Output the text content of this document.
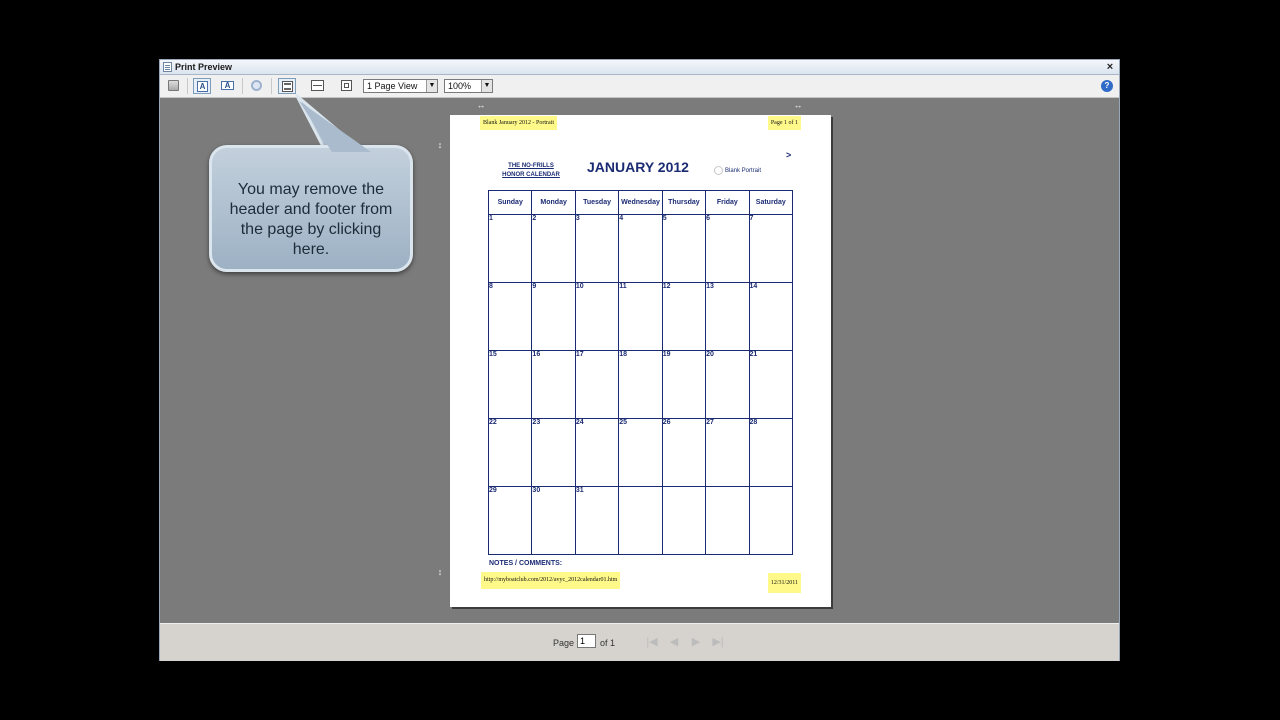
Print Preview	×
A	A	1 Page View	▼	100%	▼	?
↔	↔
↕
↕
Blank January 2012 - Portrait	Page 1 of 1
THE NO-FRILLS
HONOR CALENDAR	JANUARY 2012	Blank Portrait
>
Sunday	Monday	Tuesday	Wednesday	Thursday	Friday	Saturday
1	2	3	4	5	6	7
8	9	10	11	12	13	14
15	16	17	18	19	20	21
22	23	24	25	26	27	28
29	30	31				
NOTES / COMMENTS:
http://myboatclub.com/2012/avyc_2012calendar01.htm	12/31/2011
Page
1	of 1	|◀	◀	▶	▶|
You may remove the header and footer from the page by clicking here.
